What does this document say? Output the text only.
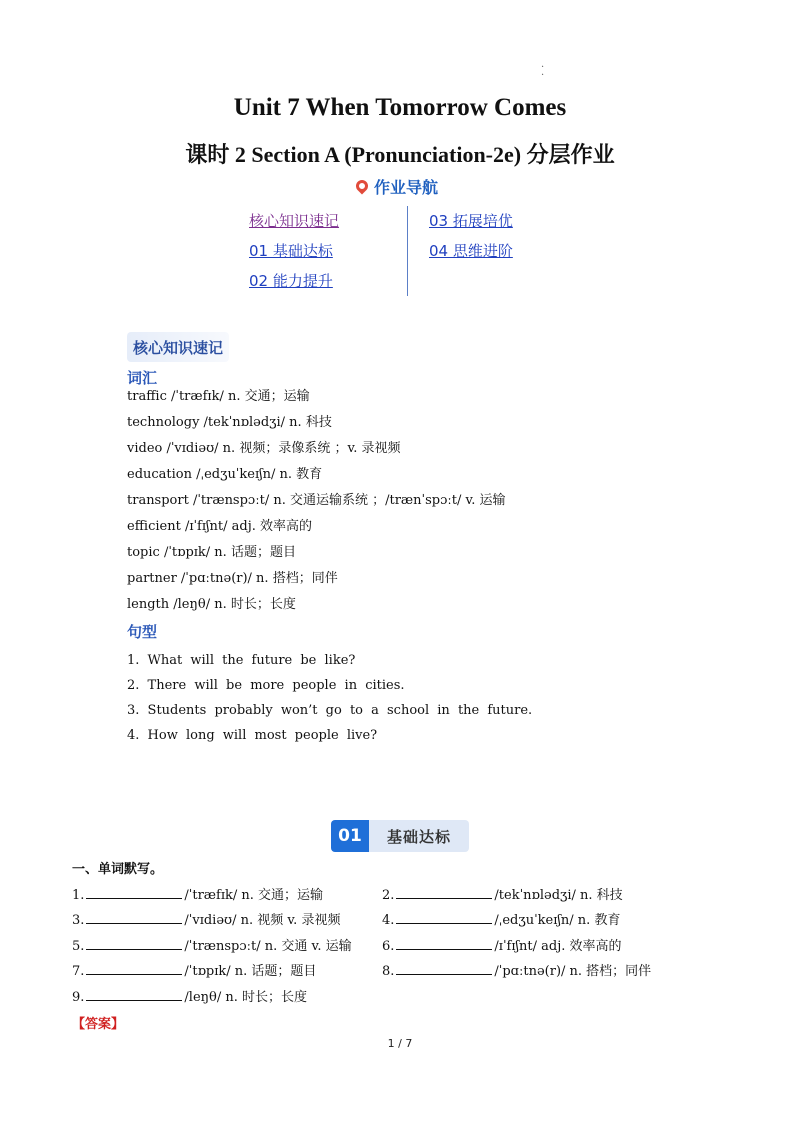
·
·
Unit 7 When Tomorrow Comes
课时 2 Section A (Pronunciation-2e) 分层作业
作业导航
核心知识速记
01 基础达标
02 能力提升
03 拓展培优
04 思维进阶
核心知识速记
词汇
traffic /ˈtræfɪk/ n. 交通；运输
technology /tekˈnɒlədʒi/ n. 科技
video /ˈvɪdiəʊ/ n. 视频；录像系统 ；v. 录视频
education /ˌedʒuˈkeɪʃn/ n. 教育
transport /ˈtrænspɔːt/ n. 交通运输系统 ；/trænˈspɔːt/ v. 运输
efficient /ɪˈfɪʃnt/ adj. 效率高的
topic /ˈtɒpɪk/ n. 话题；题目
partner /ˈpɑːtnə(r)/ n. 搭档；同伴
length /leŋθ/ n. 时长；长度
句型
1. What will the future be like?
2. There will be more people in cities.
3. Students probably won’t go to a school in the future.
4. How long will most people live?
01	基础达标
一、单词默写。
1.	/ˈtræfɪk/ n. 交通；运输	2.	/tekˈnɒlədʒi/ n. 科技
3.	/ˈvɪdiəʊ/ n. 视频 v. 录视频	4.	/ˌedʒuˈkeɪʃn/ n. 教育
5.	/ˈtrænspɔːt/ n. 交通 v. 运输 6.	/ɪˈfɪʃnt/ adj. 效率高的
7.	/ˈtɒpɪk/ n. 话题；题目	8.	/ˈpɑːtnə(r)/ n. 搭档；同伴
9.	/leŋθ/ n. 时长；长度
【答案】
1 / 7
